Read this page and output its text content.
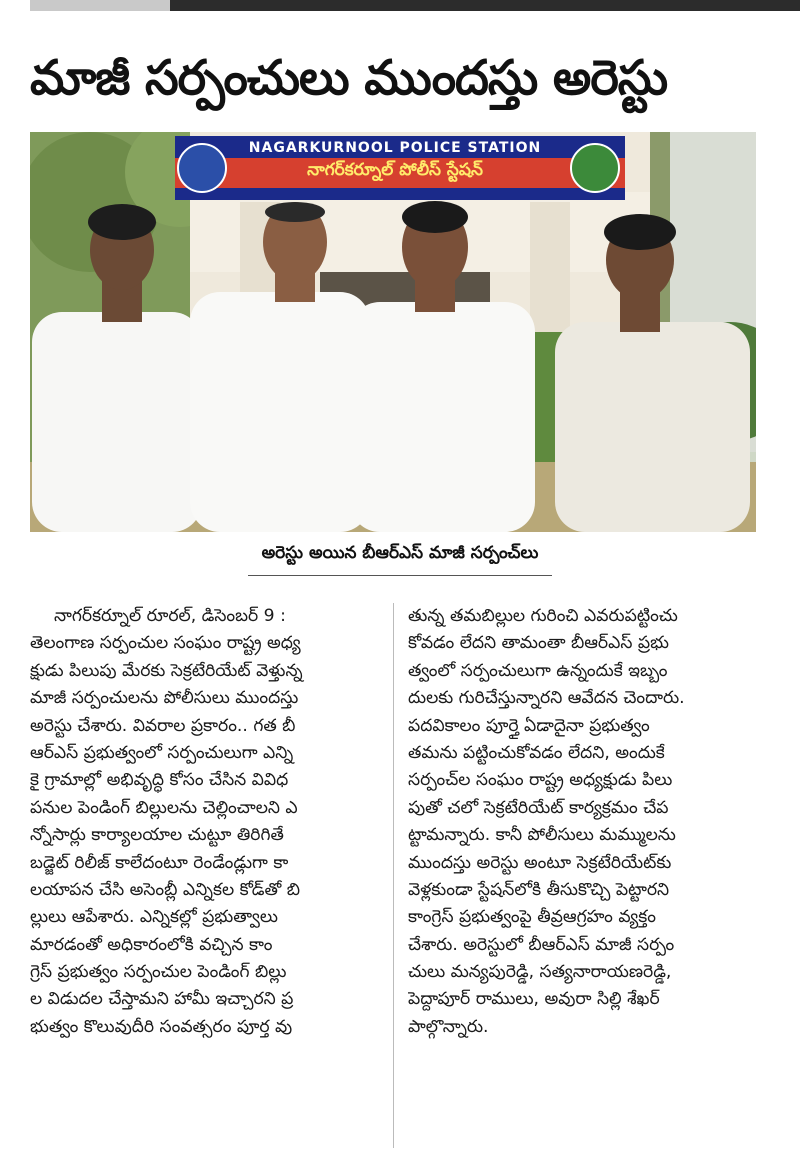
మాజీ సర్పంచులు ముందస్తు అరెస్టు
NAGARKURNOOL POLICE STATION
నాగర్‌కర్నూల్ పోలీస్ స్టేషన్
అరెస్టు అయిన బీఆర్ఎస్ మాజీ సర్పంచ్‌లు
నాగర్‌కర్నూల్ రూరల్, డిసెంబర్ 9 :
తెలంగాణ సర్పంచుల సంఘం రాష్ట్ర అధ్య
క్షుడు పిలుపు మేరకు సెక్రటేరియేట్ వెళ్తున్న
మాజీ సర్పంచులను పోలీసులు ముందస్తు
అరెస్టు చేశారు. వివరాల ప్రకారం.. గత బీ
ఆర్ఎస్ ప్రభుత్వంలో సర్పంచులుగా ఎన్ని
కై గ్రామాల్లో అభివృద్ధి కోసం చేసిన వివిధ
పనుల పెండింగ్ బిల్లులను చెల్లించాలని ఎ
న్నోసార్లు కార్యాలయాల చుట్టూ తిరిగితే
బడ్జెట్ రిలీజ్ కాలేదంటూ రెండేండ్లుగా కా
లయాపన చేసి అసెంబ్లీ ఎన్నికల కోడ్‌తో బి
ల్లులు ఆపేశారు. ఎన్నికల్లో ప్రభుత్వాలు
మారడంతో అధికారంలోకి వచ్చిన కాం
గ్రెస్ ప్రభుత్వం సర్పంచుల పెండింగ్ బిల్లు
ల విడుదల చేస్తామని హామీ ఇచ్చారని ప్ర
భుత్వం కొలువుదీరి సంవత్సరం పూర్త వు
తున్న తమబిల్లుల గురించి ఎవరుపట్టించు
కోవడం లేదని తామంతా బీఆర్ఎస్ ప్రభు
త్వంలో సర్పంచులుగా ఉన్నందుకే ఇబ్బం
దులకు గురిచేస్తున్నారని ఆవేదన చెందారు.
పదవికాలం పూర్తై ఏడాదైనా ప్రభుత్వం
తమను పట్టించుకోవడం లేదని, అందుకే
సర్పంచ్‌ల సంఘం రాష్ట్ర అధ్యక్షుడు పిలు
పుతో చలో సెక్రటేరియేట్ కార్యక్రమం చేప
ట్టామన్నారు. కానీ పోలీసులు మమ్ములను
ముందస్తు అరెస్టు అంటూ సెక్రటేరియేట్‌కు
వెళ్లకుండా స్టేషన్‌లోకి తీసుకొచ్చి పెట్టారని
కాంగ్రెస్ ప్రభుత్వంపై తీవ్రఆగ్రహం వ్యక్తం
చేశారు. అరెస్టులో బీఆర్ఎస్ మాజీ సర్పం
చులు మన్యపురెడ్డి, సత్యనారాయణరెడ్డి,
పెద్దాపూర్ రాములు, అవురా సిల్లి శేఖర్
పాల్గొన్నారు.
